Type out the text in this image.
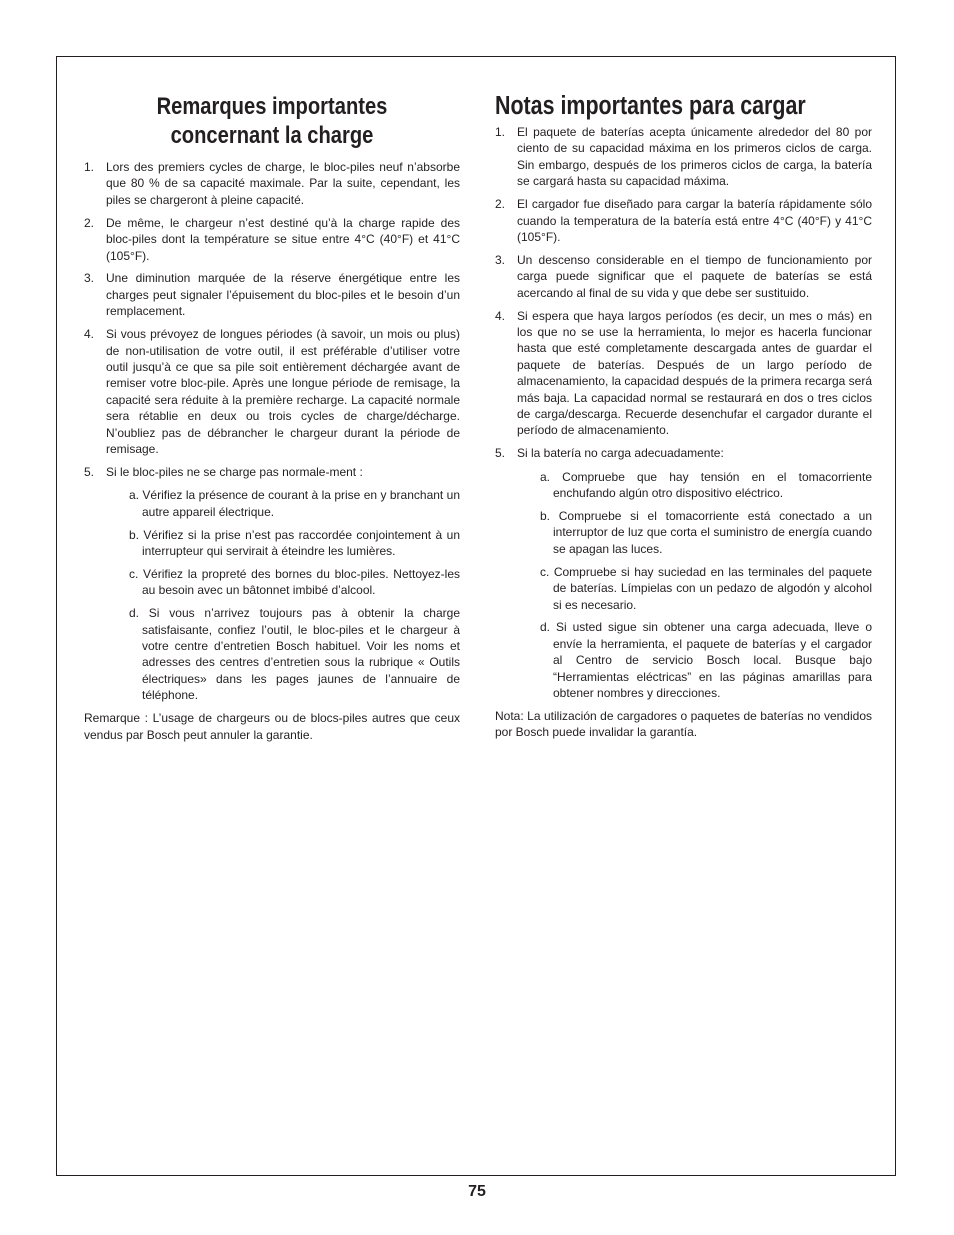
Remarques importantes
concernant la charge
1. Lors des premiers cycles de charge, le bloc-piles neuf n’absorbe que 80 % de sa capacité maximale. Par la suite, cependant, les piles se chargeront à pleine capacité.
2. De même, le chargeur n’est destiné qu’à la charge rapide des bloc-piles dont la température se situe entre 4°C (40°F) et 41°C (105°F).
3. Une diminution marquée de la réserve énergétique entre les charges peut signaler l’épuisement du bloc-piles et le besoin d’un remplacement.
4. Si vous prévoyez de longues périodes (à savoir, un mois ou plus) de non-utilisation de votre outil, il est préférable d’utiliser votre outil jusqu’à ce que sa pile soit entièrement déchargée avant de remiser votre bloc-pile. Après une longue période de remisage, la capacité sera réduite à la première recharge. La capacité normale sera rétablie en deux ou trois cycles de charge/décharge. N’oubliez pas de débrancher le chargeur durant la période de remisage.
5. Si le bloc-piles ne se charge pas normale-ment :
a. Vérifiez la présence de courant à la prise en y branchant un autre appareil électrique.
b. Vérifiez si la prise n’est pas raccordée conjointement à un interrupteur qui servirait à éteindre les lumières.
c. Vérifiez la propreté des bornes du bloc-piles. Nettoyez-les au besoin avec un bâtonnet imbibé d’alcool.
d. Si vous n’arrivez toujours pas à obtenir la charge satisfaisante, confiez l’outil, le bloc-piles et le chargeur à votre centre d’entretien Bosch habituel. Voir les noms et adresses des centres d’entretien sous la rubrique « Outils électriques» dans les pages jaunes de l’annuaire de téléphone.

Remarque : L’usage de chargeurs ou de blocs-piles autres que ceux vendus par Bosch peut annuler la garantie.

Notas importantes para cargar
1. El paquete de baterías acepta únicamente alrededor del 80 por ciento de su capacidad máxima en los primeros ciclos de carga. Sin embargo, después de los primeros ciclos de carga, la batería se cargará hasta su capacidad máxima.
2. El cargador fue diseñado para cargar la batería rápidamente sólo cuando la temperatura de la batería está entre 4°C (40°F) y 41°C (105°F).
3. Un descenso considerable en el tiempo de funcionamiento por carga puede significar que el paquete de baterías se está acercando al final de su vida y que debe ser sustituido.
4. Si espera que haya largos períodos (es decir, un mes o más) en los que no se use la herramienta, lo mejor es hacerla funcionar hasta que esté completamente descargada antes de guardar el paquete de baterías. Después de un largo período de almacenamiento, la capacidad después de la primera recarga será más baja. La capacidad normal se restaurará en dos o tres ciclos de carga/descarga. Recuerde desenchufar el cargador durante el período de almacenamiento.
5. Si la batería no carga adecuadamente:
a. Compruebe que hay tensión en el tomacorriente enchufando algún otro dispositivo eléctrico.
b. Compruebe si el tomacorriente está conectado a un interruptor de luz que corta el suministro de energía cuando se apagan las luces.
c. Compruebe si hay suciedad en las terminales del paquete de baterías. Límpielas con un pedazo de algodón y alcohol si es necesario.
d. Si usted sigue sin obtener una carga adecuada, lleve o envíe la herramienta, el paquete de baterías y el cargador al Centro de servicio Bosch local. Busque bajo “Herramientas eléctricas” en las páginas amarillas para obtener nombres y direcciones.

Nota: La utilización de cargadores o paquetes de baterías no vendidos por Bosch puede invalidar la garantía.

75
